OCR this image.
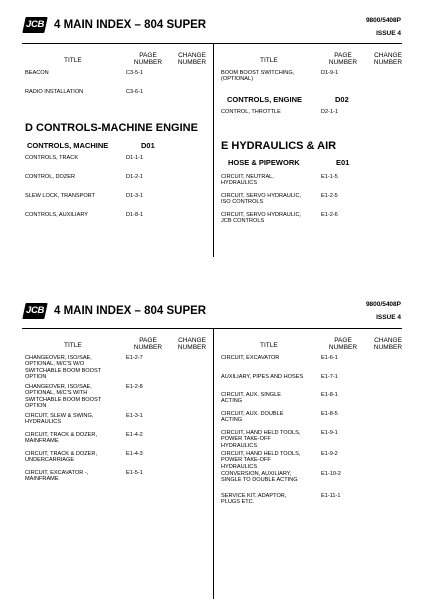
JCB 4 MAIN INDEX – 804 SUPER	9800/5408P
ISSUE 4
TITLE
PAGE NUMBER
CHANGE NUMBER	TITLE
PAGE NUMBER
CHANGE NUMBER
BEACON	C3-5-1
RADIO INSTALLATION	C3-6-1
D CONTROLS-MACHINE ENGINE
CONTROLS, MACHINE	D01
CONTROLS, TRACK	D1-1-1
CONTROL, DOZER	D1-2-1
SLEW LOCK, TRANSPORT	D1-3-1
CONTROLS, AUXILIARY	D1-8-1
BOOM BOOST SWITCHING,
(OPTIONAL)
D1-9-1
CONTROLS, ENGINE	D02
CONTROL, THROTTLE	D2-1-1
E HYDRAULICS & AIR
HOSE & PIPEWORK	E01
CIRCUIT, NEUTRAL,
HYDRAULICS
E1-1-5
CIRCUIT, SERVO HYDRAULIC,
ISO CONTROLS
E1-2-5
CIRCUIT, SERVO HYDRAULIC,
JCB CONTROLS
E1-2-6
JCB 4 MAIN INDEX – 804 SUPER
9800/5408P
ISSUE 4
TITLE
PAGE NUMBER
CHANGE NUMBER	TITLE
PAGE NUMBER
CHANGE NUMBER
CHANGEOVER, ISO/SAE,
OPTIONAL, M/C'S W/O
SWITCHABLE BOOM BOOST
OPTION
E1-2-7
CHANGEOVER, ISO/SAE,
OPTIONAL, M/C'S WITH
SWITCHABLE BOOM BOOST
OPTION
E1-2-8
CIRCUIT, SLEW & SWING,
HYDRAULICS
E1-3-1
CIRCUIT, TRACK & DOZER,
MAINFRAME
E1-4-2
CIRCUIT, TRACK & DOZER,
UNDERCARRIAGE
E1-4-3
CIRCUIT, EXCAVATOR -,
MAINFRAME
E1-5-1
CIRCUIT, EXCAVATOR	E1-6-1
AUXILIARY, PIPES AND HOSES	E1-7-1
CIRCUIT, AUX. SINGLE
ACTING
E1-8-1
CIRCUIT, AUX. DOUBLE
ACTING
E1-8-5
CIRCUIT, HAND HELD TOOLS,
POWER TAKE-OFF
HYDRAULICS
E1-9-1
CIRCUIT, HAND HELD TOOLS,
POWER TAKE-OFF
HYDRAULICS
E1-9-2
CONVERSION, AUXILIARY,
SINGLE TO DOUBLE ACTING
E1-10-2
SERVICE KIT, ADAPTOR,
PLUGS ETC.
E1-11-1
